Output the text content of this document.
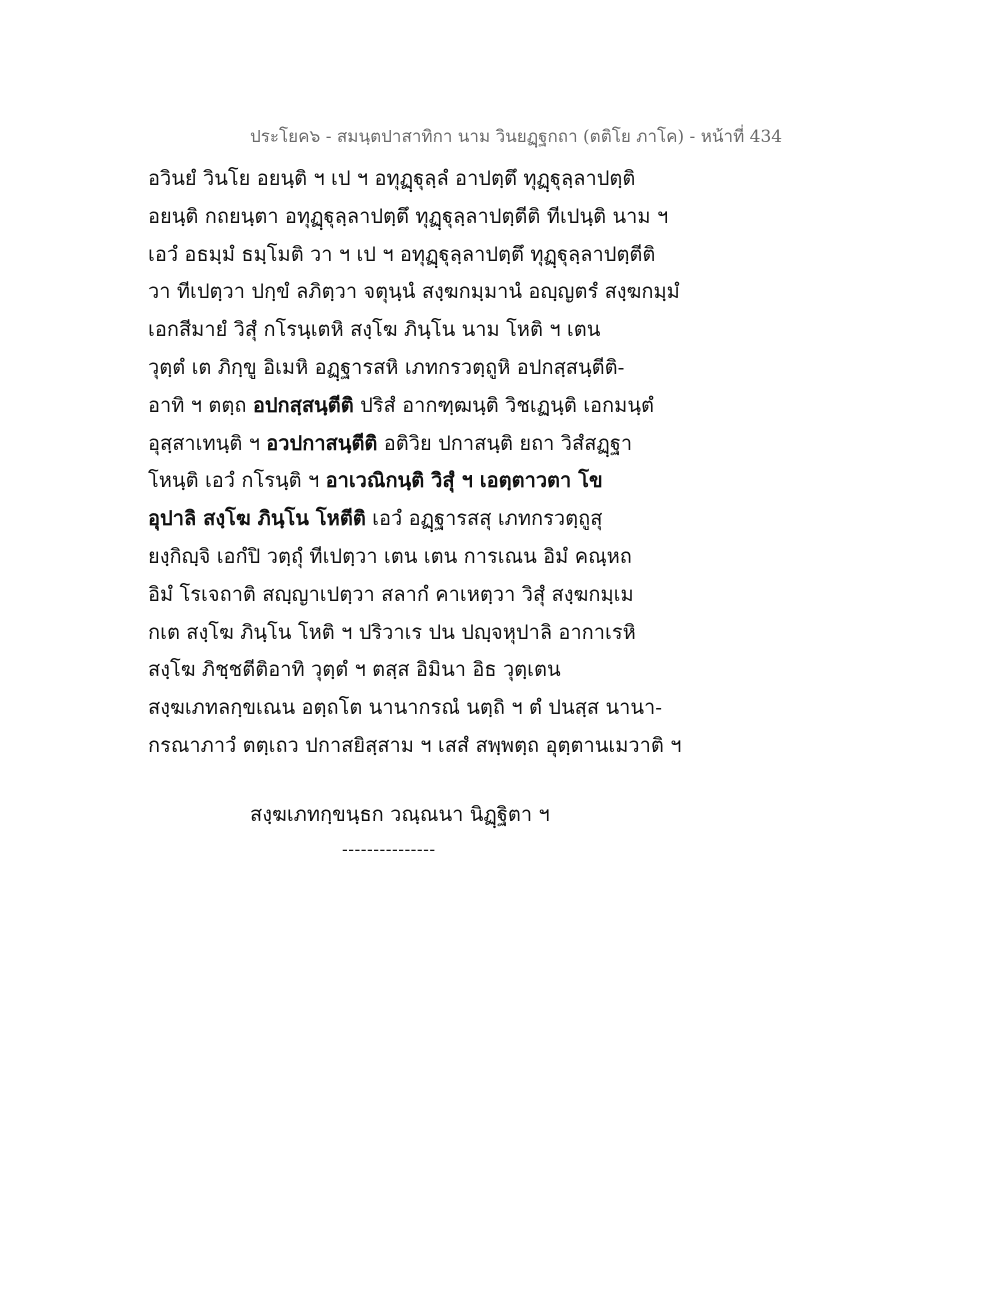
ประโยค๖ - สมนฺตปาสาทิกา นาม วินยฏฺฐกถา (ตติโย ภาโค) - หน้าที่ 434
อวินยํ วินโย อยนฺติ ฯ เป ฯ อทุฏฺฐุลฺลํ อาปตฺตึ ทุฏฺฐุลฺลาปตฺติ
อยนฺติ กถยนฺตา อทุฏฺฐุลฺลาปตฺตึ ทุฏฺฐุลฺลาปตฺตีติ ทีเปนฺติ นาม ฯ
เอวํ อธมฺมํ ธมฺโมติ วา ฯ เป ฯ อทุฏฺฐุลฺลาปตฺตึ ทุฏฺฐุลฺลาปตฺตีติ
วา ทีเปตฺวา ปกฺขํ ลภิตฺวา จตุนฺนํ สงฺฆกมฺมานํ อญฺญตรํ สงฺฆกมฺมํ
เอกสีมายํ วิสุํ กโรนฺเตหิ สงฺโฆ ภินฺโน นาม โหติ ฯ เตน
วุตฺตํ เต ภิกฺขู อิเมหิ อฏฺฐารสหิ เภทกรวตฺถูหิ อปกสฺสนฺตีติ-
อาทิ ฯ ตตฺถ อปกสฺสนฺตีติ ปริสํ อากฑฺฒนฺติ วิชเฏนฺติ เอกมนฺตํ
อุสฺสาเทนฺติ ฯ อวปกาสนฺตีติ อติวิย ปกาสนฺติ ยถา วิสํสฏฺฐา
โหนฺติ เอวํ กโรนฺติ ฯ อาเวณิกนฺติ วิสุํ ฯ เอตฺตาวตา โข
อุปาลิ สงฺโฆ ภินฺโน โหตีติ เอวํ อฏฺฐารสสุ เภทกรวตฺถูสุ
ยงฺกิญฺจิ เอกํปิ วตฺถุํ ทีเปตฺวา เตน เตน การเณน อิมํ คณฺหถ
อิมํ โรเจถาติ สญฺญาเปตฺวา สลากํ คาเหตฺวา วิสุํ สงฺฆกมฺเม
กเต สงฺโฆ ภินฺโน โหติ ฯ ปริวาเร ปน ปญฺจหุปาลิ อากาเรหิ
สงฺโฆ ภิชฺชตีติอาทิ วุตฺตํ ฯ ตสฺส อิมินา อิธ วุตฺเตน
สงฺฆเภทลกฺขเณน อตฺถโต นานากรณํ นตฺถิ ฯ ตํ ปนสฺส นานา-
กรณาภาวํ ตตฺเถว ปกาสยิสฺสาม ฯ เสสํ สพฺพตฺถ อุตฺตานเมวาติ ฯ
สงฺฆเภทกฺขนฺธก วณฺณนา นิฏฺฐิตา ฯ
---------------
